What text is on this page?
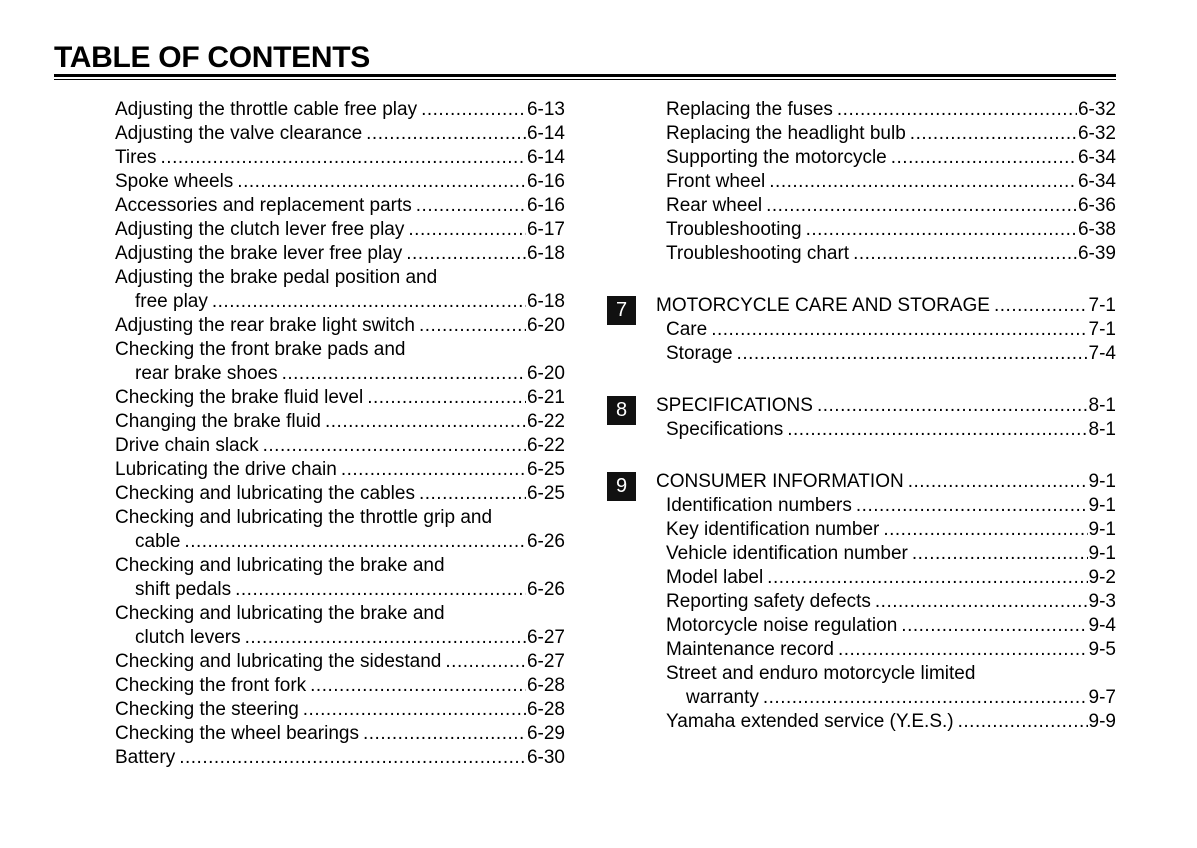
TABLE OF CONTENTS
Adjusting the throttle cable free play .....	6-13
Adjusting the valve clearance .....	6-14
Tires .....	6-14
Spoke wheels .....	6-16
Accessories and replacement parts .....	6-16
Adjusting the clutch lever free play .....	6-17
Adjusting the brake lever free play .....	6-18
Adjusting the brake pedal position and
free play .....	6-18
Adjusting the rear brake light switch .....	6-20
Checking the front brake pads and
rear brake shoes .....	6-20
Checking the brake fluid level .....	6-21
Changing the brake fluid .....	6-22
Drive chain slack .....	6-22
Lubricating the drive chain .....	6-25
Checking and lubricating the cables .....	6-25
Checking and lubricating the throttle grip and
cable .....	6-26
Checking and lubricating the brake and
shift pedals .....	6-26
Checking and lubricating the brake and
clutch levers .....	6-27
Checking and lubricating the sidestand .....	6-27
Checking the front fork .....	6-28
Checking the steering .....	6-28
Checking the wheel bearings .....	6-29
Battery .....	6-30
Replacing the fuses .....	6-32
Replacing the headlight bulb .....	6-32
Supporting the motorcycle .....	6-34
Front wheel .....	6-34
Rear wheel .....	6-36
Troubleshooting .....	6-38
Troubleshooting chart .....	6-39
7	MOTORCYCLE CARE AND STORAGE .....	7-1
Care .....	7-1
Storage .....	7-4
8	SPECIFICATIONS .....	8-1
Specifications .....	8-1
9	CONSUMER INFORMATION .....	9-1
Identification numbers .....	9-1
Key identification number .....	9-1
Vehicle identification number .....	9-1
Model label .....	9-2
Reporting safety defects .....	9-3
Motorcycle noise regulation .....	9-4
Maintenance record .....	9-5
Street and enduro motorcycle limited
warranty .....	9-7
Yamaha extended service (Y.E.S.) .....	9-9
